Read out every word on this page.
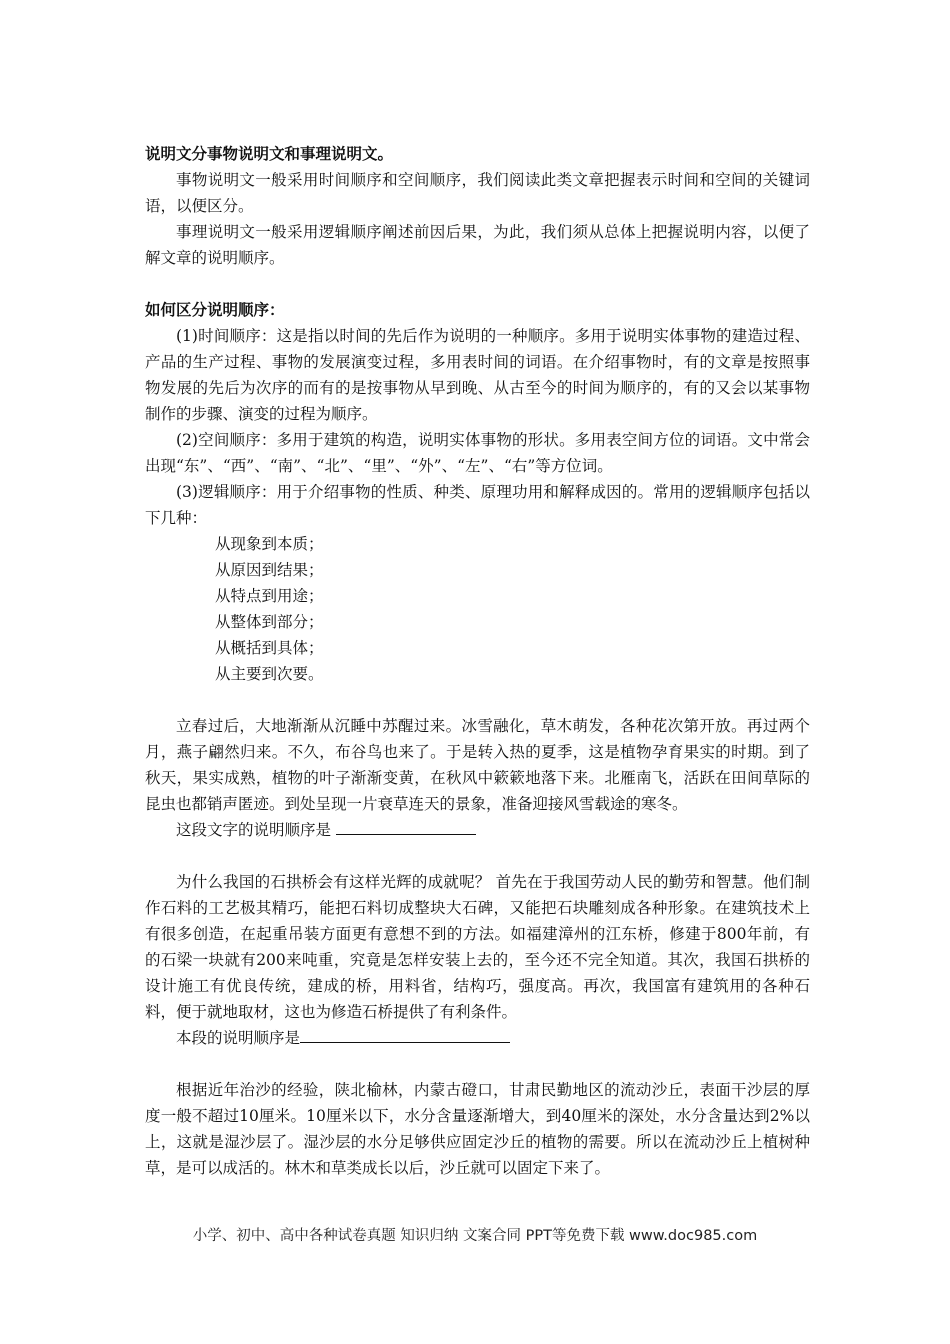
说明文分事物说明文和事理说明文。

事物说明文一般采用时间顺序和空间顺序，我们阅读此类文章把握表示时间和空间的关键词语，以便区分。

事理说明文一般采用逻辑顺序阐述前因后果，为此，我们须从总体上把握说明内容，以便了解文章的说明顺序。

如何区分说明顺序：

(1)时间顺序：这是指以时间的先后作为说明的一种顺序。多用于说明实体事物的建造过程、产品的生产过程、事物的发展演变过程，多用表时间的词语。在介绍事物时，有的文章是按照事物发展的先后为次序的而有的是按事物从早到晚、从古至今的时间为顺序的，有的又会以某事物制作的步骤、演变的过程为顺序。

(2)空间顺序：多用于建筑的构造，说明实体事物的形状。多用表空间方位的词语。文中常会出现“东”、“西”、“南”、“北”、“里”、“外”、“左”、“右”等方位词。

(3)逻辑顺序：用于介绍事物的性质、种类、原理功用和解释成因的。常用的逻辑顺序包括以下几种：

从现象到本质；
从原因到结果；
从特点到用途；
从整体到部分；
从概括到具体；
从主要到次要。

立春过后，大地渐渐从沉睡中苏醒过来。冰雪融化，草木萌发，各种花次第开放。再过两个月，燕子翩然归来。不久，布谷鸟也来了。于是转入热的夏季，这是植物孕育果实的时期。到了秋天，果实成熟，植物的叶子渐渐变黄，在秋风中簌簌地落下来。北雁南飞，活跃在田间草际的昆虫也都销声匿迹。到处呈现一片衰草连天的景象，准备迎接风雪载途的寒冬。

这段文字的说明顺序是

为什么我国的石拱桥会有这样光辉的成就呢？ 首先在于我国劳动人民的勤劳和智慧。他们制作石料的工艺极其精巧，能把石料切成整块大石碑，又能把石块雕刻成各种形象。在建筑技术上有很多创造，在起重吊装方面更有意想不到的方法。如福建漳州的江东桥，修建于800年前，有的石梁一块就有200来吨重，究竟是怎样安装上去的，至今还不完全知道。其次，我国石拱桥的设计施工有优良传统，建成的桥，用料省，结构巧，强度高。再次，我国富有建筑用的各种石料，便于就地取材，这也为修造石桥提供了有利条件。

本段的说明顺序是

根据近年治沙的经验，陕北榆林，内蒙古磴口，甘肃民勤地区的流动沙丘，表面干沙层的厚度一般不超过10厘米。10厘米以下，水分含量逐渐增大，到40厘米的深处，水分含量达到2%以上，这就是湿沙层了。湿沙层的水分足够供应固定沙丘的植物的需要。所以在流动沙丘上植树种草，是可以成活的。林木和草类成长以后，沙丘就可以固定下来了。

小学、初中、高中各种试卷真题 知识归纳 文案合同 PPT等免费下载 www.doc985.com
